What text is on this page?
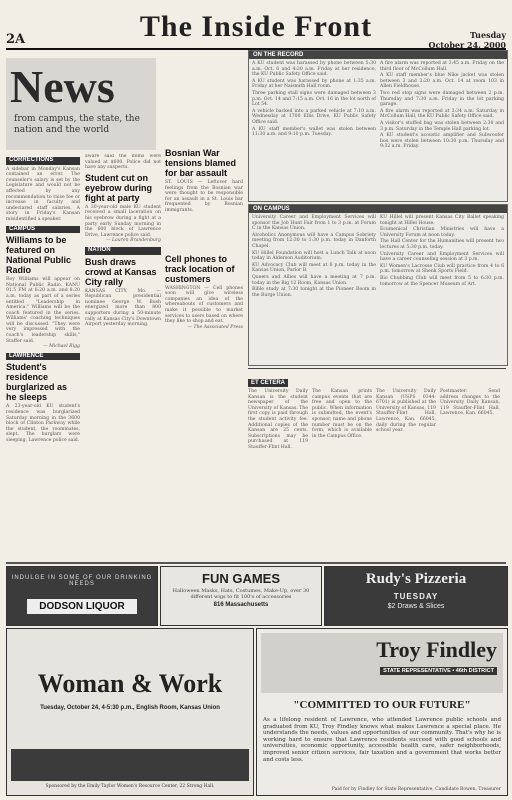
2A	The Inside Front	Tuesday
October 24, 2000
News
from campus, the state, the nation and the world
CORRECTIONS
A sidebar in Monday's Kansan contained an error. The counselor's salary is set by the Legislature and would not be affected by any recommendation to raise fee or increase in faculty and undeclared staff salaries. A story in Friday's Kansan misidentified a speaker.
CAMPUS
Williams to be featured on National Public Radio
Roy Williams will appear on National Public Radio. KANU 91.5 FM at 6:20 a.m. and 8:20 a.m. today as part of a series entitled "Leadership in America." Williams will be the coach featured in the series. Williams' coaching techniques will be discussed. "They were very impressed with the coach's leadership skills," Staffer said.
— Michael Rigg
LAWRENCE
Student's residence burglarized as he sleeps
A 23-year-old KU student's residence was burglarized Saturday morning in the 3600 block of Clinton Parkway while the student, the roommates, slept. The burglars were sleeping, Lawrence police said.
aware said the items were valued at $600. Police did not have any suspects.
Student cut on eyebrow during fight at party
A 20-year-old male KU student received a small laceration on his eyebrow during a fight at a party early Sunday morning in the 600 block of Lawrence Drive, Lawrence police said.
— Lauren Brandenburg
NATION
Bush draws crowd at Kansas City rally
KANSAS CITY, Mo. — Republican presidential nominee George W. Bush energized more than 800 supporters during a 50-minute rally at Kansas City's Downtown Airport yesterday morning.
Bosnian War tensions blamed for bar assault
ST. LOUIS — Leftover hard feelings from the Bosnian war were thought to be responsible for an assault in a St. Louis bar frequented by Bosnian immigrants.
Cell phones to track location of customers
WASHINGTON — Cell phones soon will give wireless companies an idea of the whereabouts of customers and make it possible to market services to users based on where they like to shop and eat.
— The Associated Press
ON THE RECORD
A KU student was harassed by phone between 5:30 a.m. Oct. 6 and 4:30 a.m. Friday at her residence, the KU Public Safety Office said.
A KU student was harassed by phone at 1:35 a.m. Friday at her Naismith Hall room.
Three parking stall signs were damaged between 3 p.m. Oct. 14 and 7:15 a.m. Oct. 16 in the lot north of Lot 54.
A vehicle backed into a parked vehicle at 7:10 a.m. Wednesday at 1700 Ellis Drive, KU Public Safety Office said.
A KU staff member's wallet was stolen between 11:30 a.m. and 9:10 p.m. Tuesday.
A fire alarm was reported at 3:45 a.m. Friday on the third floor of McCollum Hall.
A KU staff member's blue Nike jacket was stolen between 3 and 3:20 a.m. Oct. 14 at room 103 in Allen Fieldhouse.
Two red stop signs were damaged between 2 p.m. Thursday and 7:30 a.m. Friday in the lot parking garage.
A fire alarm was reported at 3:34 a.m. Saturday in McCollum Hall, the KU Public Safety Office said.
A visitor's stuffed bag was stolen between 2:30 and 3 p.m. Saturday in the Temple Hall parking lot.
A KU student's acoustic amplifier and Subwoofer box were stolen between 10:30 p.m. Thursday and 9:32 a.m. Friday.
ON CAMPUS
University Career and Employment Services will sponsor the Job Hunt Fair from 1 to 3 p.m. at Forum C in the Kansas Union.
Alcoholics Anonymous will have a Campus Sobriety meeting from 12:30 to 1:30 p.m. today in Danforth Chapel.
KU Hillel Foundation will host a Lunch Talk at noon today in Alderson Auditorium.
KU Advocacy Club will meet at 6 p.m. today in the Kansas Union, Parlor B.
Queers and Allies will have a meeting at 7 p.m. today in the Big 12 Room, Kansas Union.
Bible study at 7:30 tonight at the Pioneer Room in the Burge Union.
KU Hillel will present Kansas City Ballet speaking tonight at Hillel House.
Ecumenical Christian Ministries will have a University Forum at noon today.
The Hall Center for the Humanities will present two lectures at 5:30 p.m. today.
University Career and Employment Services will have a career counseling session at 3 p.m.
KU Women's Lacrosse Club will practice from 4 to 6 p.m. tomorrow at Shenk Sports Field.
Bio Chubbing Club will meet from 5 to 6:30 p.m. tomorrow at the Spencer Museum of Art.
ET CETERA
The University Daily Kansan is the student newspaper of the University of Kansas. The first copy is paid through the student activity fee. Additional copies of the Kansan are 25 cents. Subscriptions may be purchased at 119 Stauffer-Flint Hall.
The Kansan prints campus events that are free and open to the public. When information is submitted, the event's sponsor, name and phone number must be on the form, which is available in the Campus Office.
The University Daily Kansan (USPS 0344-6701) is published at the University of Kansas, 119 Stauffer-Flint Hall, Lawrence, Kan. 66045, daily during the regular school year.
Postmaster: Send address changes to the University Daily Kansan, 119 Stauffer-Flint Hall, Lawrence, Kan. 66045.
INDULGE IN SOME OF OUR DRINKING NEEDS
DODSON LIQUOR
FUN GAMES
Halloween Masks, Hats, Costumes, Make-Up, over 30 different wigs to fit 100's of accessories
816 Massachusetts
Rudy's Pizzeria
TUESDAY
$2 Draws & Slices
Woman & Work
Tuesday, October 24, 4-5:30 p.m., English Room, Kansas Union
Sponsored by the Emily Taylor Women's Resource Center, 22 Strong Hall.
Troy Findley
STATE REPRESENTATIVE • 46th DISTRICT
"COMMITTED TO OUR FUTURE"
As a lifelong resident of Lawrence, who attended Lawrence public schools and graduated from KU, Troy Findley knows what makes Lawrence a special place. He understands the needs, values and opportunities of our community. That's why he is working hard to ensure that Lawrence residents succeed with good schools and universities, economic opportunity, accessible health care, safer neighborhoods, improved senior citizen services, fair taxation and a government that works better and costs less.
Paid for by Findley for State Representative, Candidate Bowen, Treasurer
